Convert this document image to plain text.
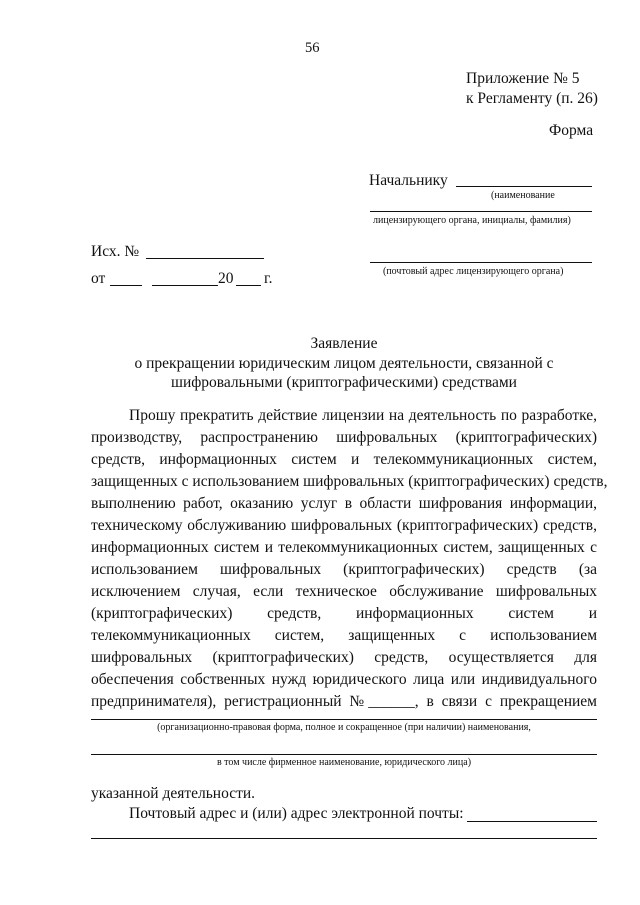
56
Приложение № 5
к Регламенту (п. 26)
Форма
Начальнику
(наименование
лицензирующего органа, инициалы, фамилия)
(почтовый адрес лицензирующего органа)
Исх. №
от	20 г.
Заявление
о прекращении юридическим лицом деятельности, связанной с
шифровальными (криптографическими) средствами
Прошу прекратить действие лицензии на деятельность по разработке,
производству, распространению шифровальных (криптографических)
средств, информационных систем и телекоммуникационных систем,
защищенных с использованием шифровальных (криптографических) средств,
выполнению работ, оказанию услуг в области шифрования информации,
техническому обслуживанию шифровальных (криптографических) средств,
информационных систем и телекоммуникационных систем, защищенных с
использованием шифровальных (криптографических) средств (за
исключением случая, если техническое обслуживание шифровальных
(криптографических) средств, информационных систем и
телекоммуникационных систем, защищенных с использованием
шифровальных (криптографических) средств, осуществляется для
обеспечения собственных нужд юридического лица или индивидуального
предпринимателя), регистрационный №______, в связи с прекращением
(организационно-правовая форма, полное и сокращенное (при наличии) наименования,
в том числе фирменное наименование, юридического лица)
указанной деятельности.
Почтовый адрес и (или) адрес электронной почты:
